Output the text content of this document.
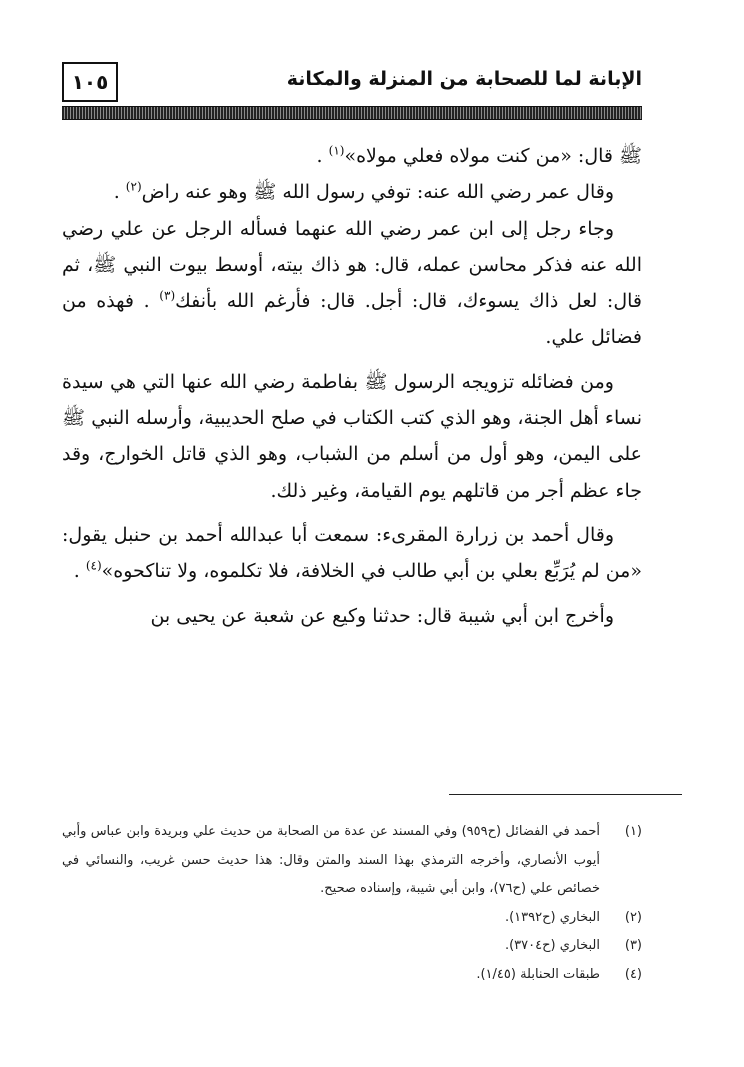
١٠٥	الإبانة لما للصحابة من المنزلة والمكانة

ﷺ قال: «من كنت مولاه فعلي مولاه»$^{(١)}$ .

وقال عمر رضي الله عنه: توفي رسول الله ﷺ وهو عنه راض$^{(٢)}$ .

وجاء رجل إلى ابن عمر رضي الله عنهما فسأله الرجل عن علي رضي الله عنه فذكر محاسن عمله، قال: هو ذاك بيته، أوسط بيوت النبي ﷺ، ثم قال: لعل ذاك يسوءك، قال: أجل. قال: فأرغم الله بأنفك$^{(٣)}$ . فهذه من فضائل علي.

ومن فضائله تزويجه الرسول ﷺ بفاطمة رضي الله عنها التي هي سيدة نساء أهل الجنة، وهو الذي كتب الكتاب في صلح الحديبية، وأرسله النبي ﷺ على اليمن، وهو أول من أسلم من الشباب، وهو الذي قاتل الخوارج، وقد جاء عظم أجر من قاتلهم يوم القيامة، وغير ذلك.

وقال أحمد بن زرارة المقرىء: سمعت أبا عبدالله أحمد بن حنبل يقول: «من لم يُرَبِّع بعلي بن أبي طالب في الخلافة، فلا تكلموه، ولا تناكحوه»$^{(٤)}$ .

وأخرج ابن أبي شيبة قال: حدثنا وكيع عن شعبة عن يحيى بن

(١)
أحمد في الفضائل (ح٩٥٩) وفي المسند عن عدة من الصحابة من حديث علي وبريدة وابن عباس وأبي أيوب الأنصاري، وأخرجه الترمذي بهذا السند والمتن وقال: هذا حديث حسن غريب، والنسائي في خصائص علي (ح٧٦)، وابن أبي شيبة، وإسناده صحيح.
(٢)
البخاري (ح١٣٩٢).
(٣)
البخاري (ح٣٧٠٤).
(٤)
طبقات الحنابلة (١/٤٥).
